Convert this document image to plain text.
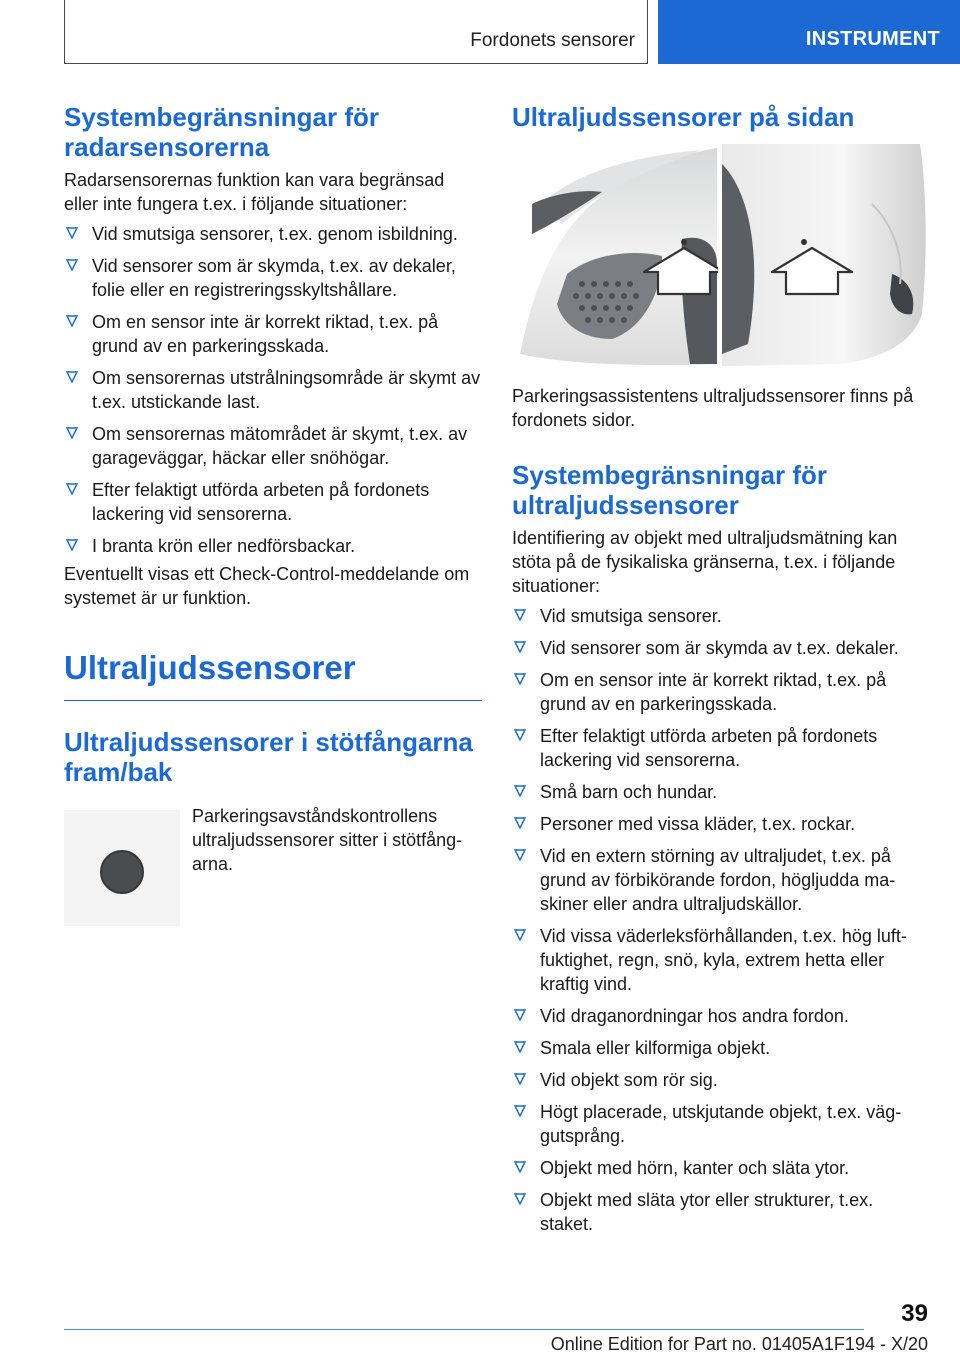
Fordonets sensorer	INSTRUMENT
Systembegränsningar för radarsensorerna

Radarsensorernas funktion kan vara begränsad eller inte fungera t.ex. i följande situationer:

Vid smutsiga sensorer, t.ex. genom isbildning.
Vid sensorer som är skymda, t.ex. av dekaler, folie eller en registreringsskyltshållare.
Om en sensor inte är korrekt riktad, t.ex. på grund av en parkeringsskada.
Om sensorernas utstrålningsområde är skymt av t.ex. utstickande last.
Om sensorernas mätområdet är skymt, t.ex. av garageväggar, häckar eller snöhögar.
Efter felaktigt utförda arbeten på fordonets lackering vid sensorerna.
I branta krön eller nedförsbackar.

Eventuellt visas ett Check-Control-meddelande om systemet är ur funktion.

Ultraljudssensorer
Ultraljudssensorer i stötfångarna fram/bak
Parkeringsavståndskontrollens ultraljudssensorer sitter i stötfångarna.
Ultraljudssensorer på sidan

Parkeringsassistentens ultraljudssensorer finns på fordonets sidor.

Systembegränsningar för ultraljudssensorer

Identifiering av objekt med ultraljudsmätning kan stöta på de fysikaliska gränserna, t.ex. i följande situationer:

Vid smutsiga sensorer.
Vid sensorer som är skymda av t.ex. dekaler.
Om en sensor inte är korrekt riktad, t.ex. på grund av en parkeringsskada.
Efter felaktigt utförda arbeten på fordonets lackering vid sensorerna.
Små barn och hundar.
Personer med vissa kläder, t.ex. rockar.
Vid en extern störning av ultraljudet, t.ex. på grund av förbikörande fordon, högljudda maskiner eller andra ultraljudskällor.
Vid vissa väderleksförhållanden, t.ex. hög luftfuktighet, regn, snö, kyla, extrem hetta eller kraftig vind.
Vid draganordningar hos andra fordon.
Smala eller kilformiga objekt.
Vid objekt som rör sig.
Högt placerade, utskjutande objekt, t.ex. väggutsprång.
Objekt med hörn, kanter och släta ytor.
Objekt med släta ytor eller strukturer, t.ex. staket.
39
Online Edition for Part no. 01405A1F194 - X/20
